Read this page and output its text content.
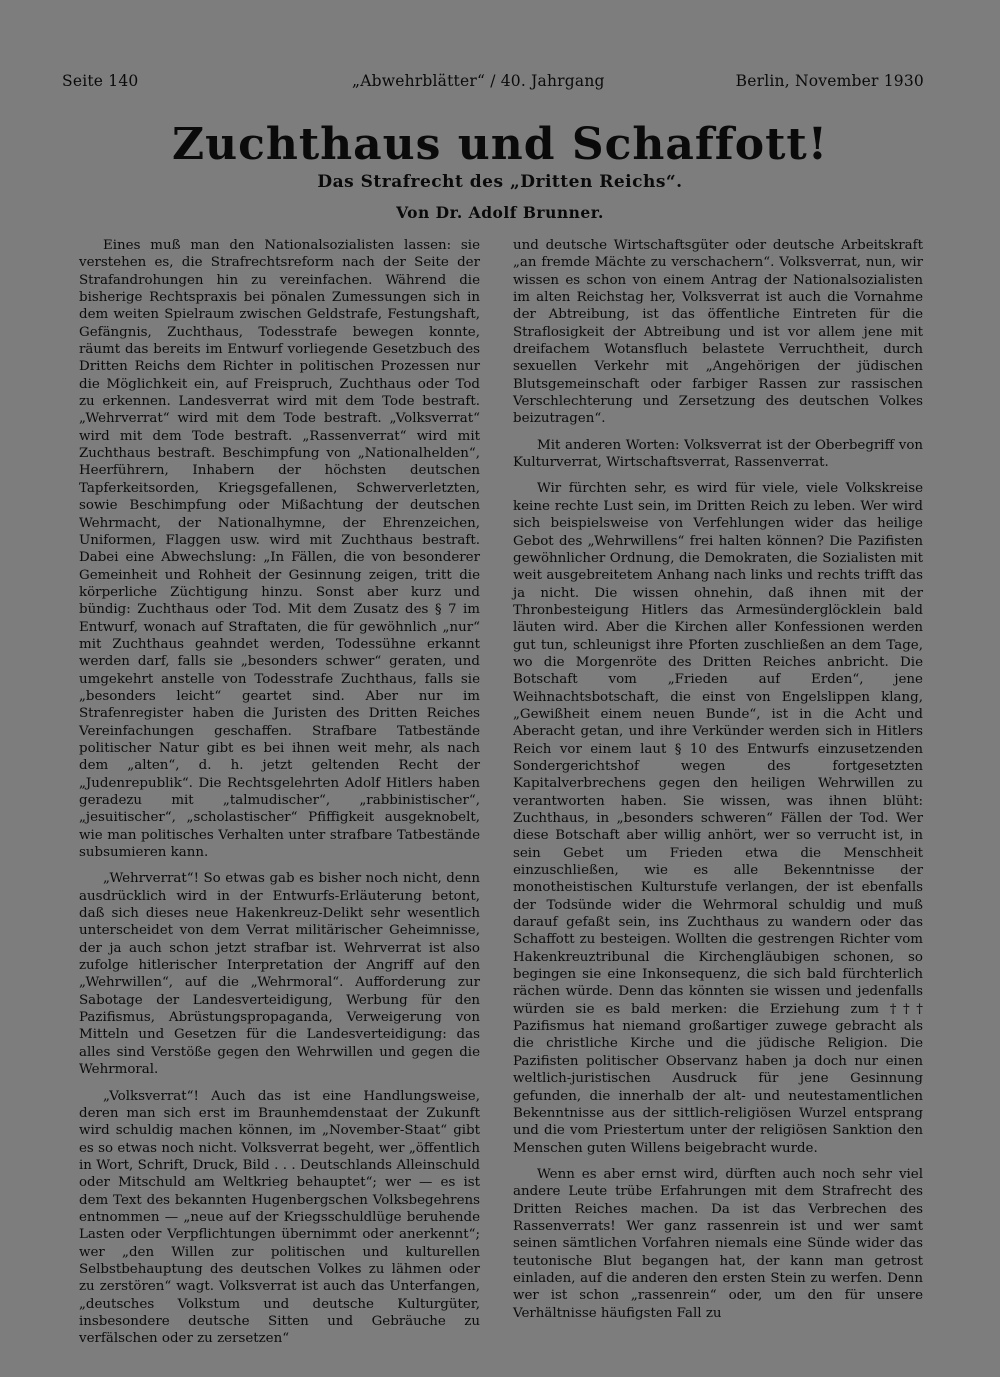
Seite 140	„Abwehrblätter“ / 40. Jahrgang	Berlin, November 1930
Zuchthaus und Schaffott!
Das Strafrecht des „Dritten Reichs“.
Von Dr. Adolf Brunner.

Eines muß man den Nationalsozialisten lassen: sie verstehen es, die Strafrechtsreform nach der Seite der Strafandrohungen hin zu vereinfachen. Während die bisherige Rechtspraxis bei pönalen Zumessungen sich in dem weiten Spielraum zwischen Geldstrafe, Festungshaft, Gefängnis, Zuchthaus, Todesstrafe bewegen konnte, räumt das bereits im Entwurf vorliegende Gesetzbuch des Dritten Reichs dem Richter in politischen Prozessen nur die Möglichkeit ein, auf Freispruch, Zuchthaus oder Tod zu erkennen. Landesverrat wird mit dem Tode bestraft. „Wehrverrat“ wird mit dem Tode bestraft. „Volksverrat“ wird mit dem Tode bestraft. „Rassenverrat“ wird mit Zuchthaus bestraft. Beschimpfung von „Nationalhelden“, Heerführern, Inhabern der höchsten deutschen Tapferkeitsorden, Kriegsgefallenen, Schwerverletzten, sowie Beschimpfung oder Mißachtung der deutschen Wehrmacht, der Nationalhymne, der Ehrenzeichen, Uniformen, Flaggen usw. wird mit Zuchthaus bestraft. Dabei eine Abwechslung: „In Fällen, die von besonderer Gemeinheit und Rohheit der Gesinnung zeigen, tritt die körperliche Züchtigung hinzu. Sonst aber kurz und bündig: Zuchthaus oder Tod. Mit dem Zusatz des § 7 im Entwurf, wonach auf Straftaten, die für gewöhnlich „nur“ mit Zuchthaus geahndet werden, Todessühne erkannt werden darf, falls sie „besonders schwer“ geraten, und umgekehrt anstelle von Todesstrafe Zuchthaus, falls sie „besonders leicht“ geartet sind. Aber nur im Strafenregister haben die Juristen des Dritten Reiches Vereinfachungen geschaffen. Strafbare Tatbestände politischer Natur gibt es bei ihnen weit mehr, als nach dem „alten“, d. h. jetzt geltenden Recht der „Judenrepublik“. Die Rechtsgelehrten Adolf Hitlers haben geradezu mit „talmudischer“, „rabbinistischer“, „jesuitischer“, „scholastischer“ Pfiffigkeit ausgeknobelt, wie man politisches Verhalten unter strafbare Tatbestände subsumieren kann.

„Wehrverrat“! So etwas gab es bisher noch nicht, denn ausdrücklich wird in der Entwurfs-Erläuterung betont, daß sich dieses neue Hakenkreuz-Delikt sehr wesentlich unterscheidet von dem Verrat militärischer Geheimnisse, der ja auch schon jetzt strafbar ist. Wehrverrat ist also zufolge hitlerischer Interpretation der Angriff auf den „Wehrwillen“, auf die „Wehrmoral“. Aufforderung zur Sabotage der Landesverteidigung, Werbung für den Pazifismus, Abrüstungspropaganda, Verweigerung von Mitteln und Gesetzen für die Landesverteidigung: das alles sind Verstöße gegen den Wehrwillen und gegen die Wehrmoral.

„Volksverrat“! Auch das ist eine Handlungsweise, deren man sich erst im Braunhemdenstaat der Zukunft wird schuldig machen können, im „November-Staat“ gibt es so etwas noch nicht. Volksverrat begeht, wer „öffentlich in Wort, Schrift, Druck, Bild . . . Deutschlands Alleinschuld oder Mitschuld am Weltkrieg behauptet“; wer — es ist dem Text des bekannten Hugenbergschen Volksbegehrens entnommen — „neue auf der Kriegsschuldlüge beruhende Lasten oder Verpflichtungen übernimmt oder anerkennt“; wer „den Willen zur politischen und kulturellen Selbstbehauptung des deutschen Volkes zu lähmen oder zu zerstören“ wagt. Volksverrat ist auch das Unterfangen, „deutsches Volkstum und deutsche Kulturgüter, insbesondere deutsche Sitten und Gebräuche zu verfälschen oder zu zersetzen“

und deutsche Wirtschaftsgüter oder deutsche Arbeitskraft „an fremde Mächte zu verschachern“. Volksverrat, nun, wir wissen es schon von einem Antrag der Nationalsozialisten im alten Reichstag her, Volksverrat ist auch die Vornahme der Abtreibung, ist das öffentliche Eintreten für die Straflosigkeit der Abtreibung und ist vor allem jene mit dreifachem Wotansfluch belastete Verruchtheit, durch sexuellen Verkehr mit „Angehörigen der jüdischen Blutsgemeinschaft oder farbiger Rassen zur rassischen Verschlechterung und Zersetzung des deutschen Volkes beizutragen“.

Mit anderen Worten: Volksverrat ist der Oberbegriff von Kulturverrat, Wirtschaftsverrat, Rassenverrat.

Wir fürchten sehr, es wird für viele, viele Volkskreise keine rechte Lust sein, im Dritten Reich zu leben. Wer wird sich beispielsweise von Verfehlungen wider das heilige Gebot des „Wehrwillens“ frei halten können? Die Pazifisten gewöhnlicher Ordnung, die Demokraten, die Sozialisten mit weit ausgebreitetem Anhang nach links und rechts trifft das ja nicht. Die wissen ohnehin, daß ihnen mit der Thronbesteigung Hitlers das Armesünderglöcklein bald läuten wird. Aber die Kirchen aller Konfessionen werden gut tun, schleunigst ihre Pforten zuschließen an dem Tage, wo die Morgenröte des Dritten Reiches anbricht. Die Botschaft vom „Frieden auf Erden“, jene Weihnachtsbotschaft, die einst von Engelslippen klang, „Gewißheit einem neuen Bunde“, ist in die Acht und Aberacht getan, und ihre Verkünder werden sich in Hitlers Reich vor einem laut § 10 des Entwurfs einzusetzenden Sondergerichtshof wegen des fortgesetzten Kapitalverbrechens gegen den heiligen Wehrwillen zu verantworten haben. Sie wissen, was ihnen blüht: Zuchthaus, in „besonders schweren“ Fällen der Tod. Wer diese Botschaft aber willig anhört, wer so verrucht ist, in sein Gebet um Frieden etwa die Menschheit einzuschließen, wie es alle Bekenntnisse der monotheistischen Kulturstufe verlangen, der ist ebenfalls der Todsünde wider die Wehrmoral schuldig und muß darauf gefaßt sein, ins Zuchthaus zu wandern oder das Schaffott zu besteigen. Wollten die gestrengen Richter vom Hakenkreuztribunal die Kirchengläubigen schonen, so begingen sie eine Inkonsequenz, die sich bald fürchterlich rächen würde. Denn das könnten sie wissen und jedenfalls würden sie es bald merken: die Erziehung zum ††† Pazifismus hat niemand großartiger zuwege gebracht als die christliche Kirche und die jüdische Religion. Die Pazifisten politischer Observanz haben ja doch nur einen weltlich-juristischen Ausdruck für jene Gesinnung gefunden, die innerhalb der alt- und neutestamentlichen Bekenntnisse aus der sittlich-religiösen Wurzel entsprang und die vom Priestertum unter der religiösen Sanktion den Menschen guten Willens beigebracht wurde.

Wenn es aber ernst wird, dürften auch noch sehr viel andere Leute trübe Erfahrungen mit dem Strafrecht des Dritten Reiches machen. Da ist das Verbrechen des Rassenverrats! Wer ganz rassenrein ist und wer samt seinen sämtlichen Vorfahren niemals eine Sünde wider das teutonische Blut begangen hat, der kann man getrost einladen, auf die anderen den ersten Stein zu werfen. Denn wer ist schon „rassenrein“ oder, um den für unsere Verhältnisse häufigsten Fall zu
